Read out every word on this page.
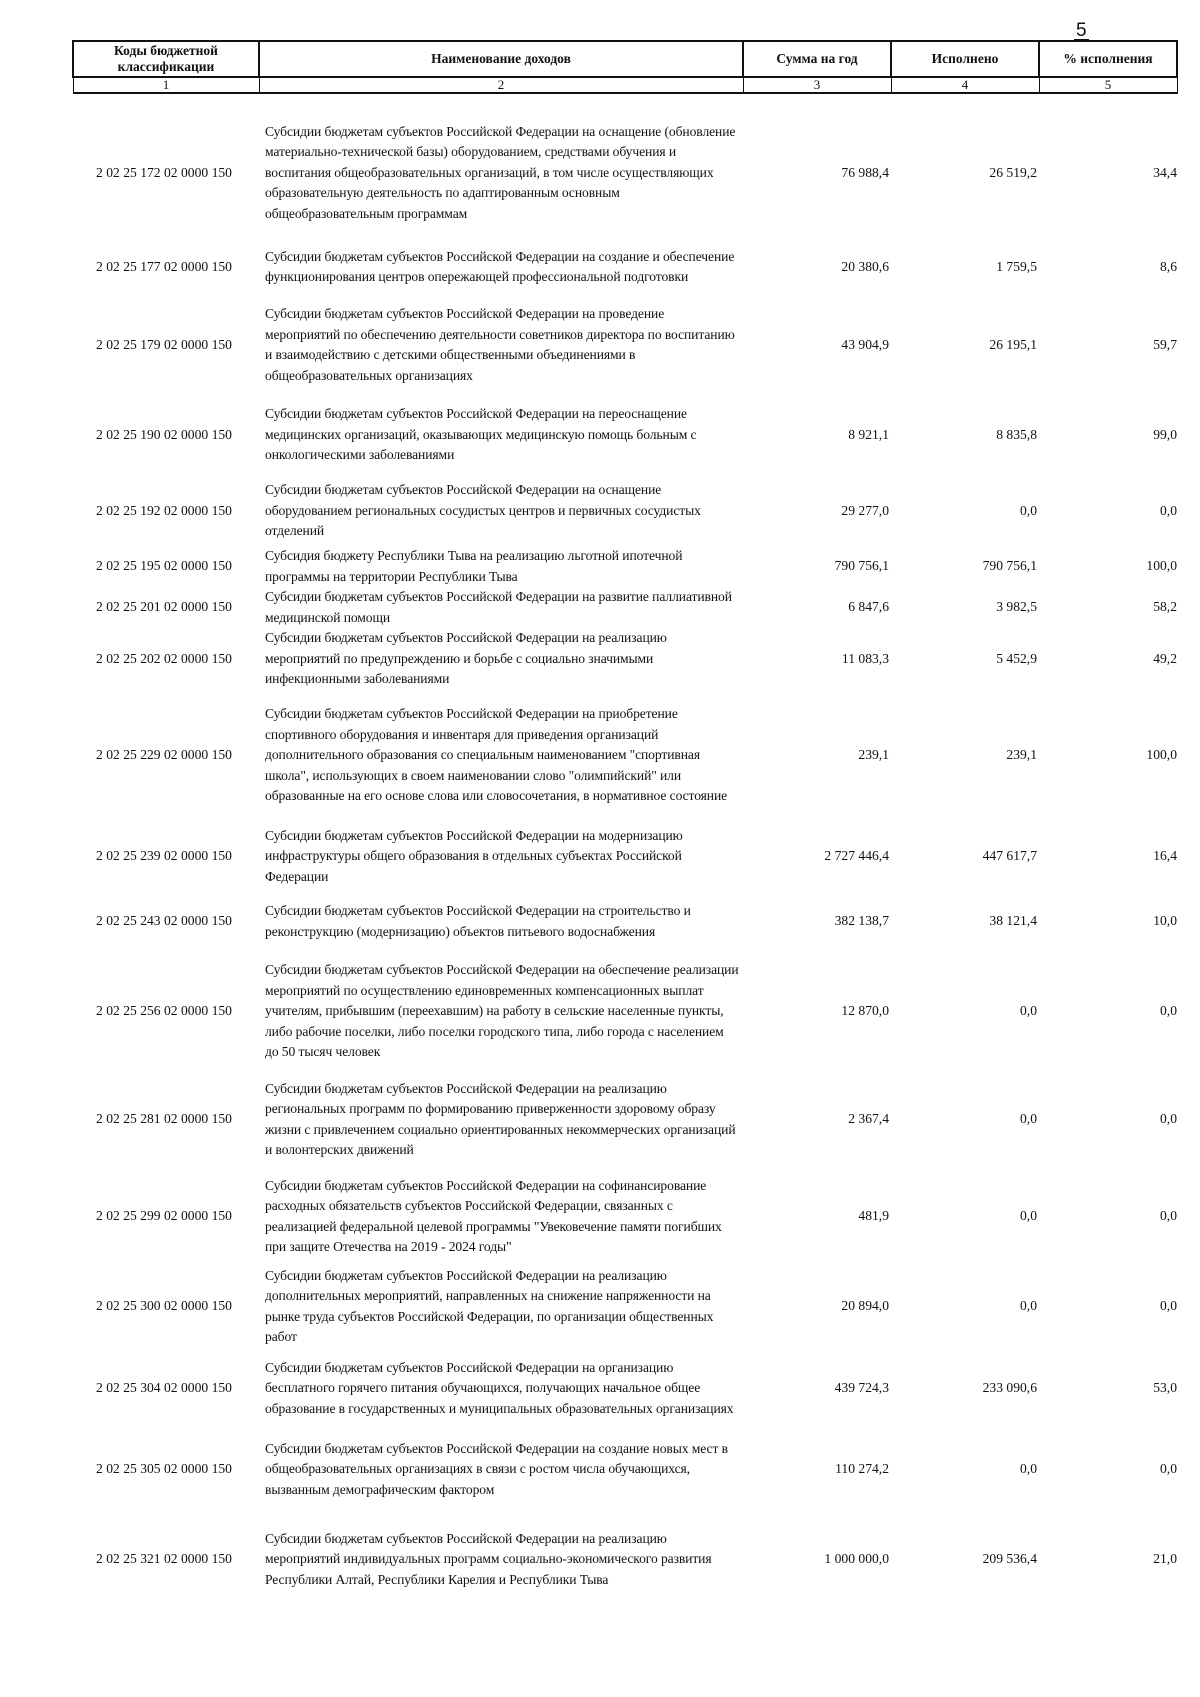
5
Коды бюджетной классификации	Наименование доходов	Сумма на год	Исполнено	% исполнения
1	2	3	4	5

2 02 25 172 02 0000 150	Субсидии бюджетам субъектов Российской Федерации на оснащение (обновление материально-технической базы) оборудованием, средствами обучения и воспитания общеобразовательных организаций, в том числе осуществляющих образовательную деятельность по адаптированным основным общеобразовательным программам	76 988,4	26 519,2	34,4
2 02 25 177 02 0000 150	Субсидии бюджетам субъектов Российской Федерации на создание и обеспечение функционирования центров опережающей профессиональной подготовки	20 380,6	1 759,5	8,6
2 02 25 179 02 0000 150	Субсидии бюджетам субъектов Российской Федерации на проведение мероприятий по обеспечению деятельности советников директора по воспитанию и взаимодействию с детскими общественными объединениями в общеобразовательных организациях	43 904,9	26 195,1	59,7
2 02 25 190 02 0000 150	Субсидии бюджетам субъектов Российской Федерации на переоснащение медицинских организаций, оказывающих медицинскую помощь больным с онкологическими заболеваниями	8 921,1	8 835,8	99,0
2 02 25 192 02 0000 150	Субсидии бюджетам субъектов Российской Федерации на оснащение оборудованием региональных сосудистых центров и первичных сосудистых отделений	29 277,0	0,0	0,0
2 02 25 195 02 0000 150	Субсидия бюджету Республики Тыва на реализацию льготной ипотечной программы на территории Республики Тыва	790 756,1	790 756,1	100,0
2 02 25 201 02 0000 150	Субсидии бюджетам субъектов Российской Федерации на развитие паллиативной медицинской помощи	6 847,6	3 982,5	58,2
2 02 25 202 02 0000 150	Субсидии бюджетам субъектов Российской Федерации на реализацию мероприятий по предупреждению и борьбе с социально значимыми инфекционными заболеваниями	11 083,3	5 452,9	49,2
2 02 25 229 02 0000 150	Субсидии бюджетам субъектов Российской Федерации на приобретение спортивного оборудования и инвентаря для приведения организаций дополнительного образования со специальным наименованием "спортивная школа", использующих в своем наименовании слово "олимпийский" или образованные на его основе слова или словосочетания, в нормативное состояние	239,1	239,1	100,0
2 02 25 239 02 0000 150	Субсидии бюджетам субъектов Российской Федерации на модернизацию инфраструктуры общего образования в отдельных субъектах Российской Федерации	2 727 446,4	447 617,7	16,4
2 02 25 243 02 0000 150	Субсидии бюджетам субъектов Российской Федерации на строительство и реконструкцию (модернизацию) объектов питьевого водоснабжения	382 138,7	38 121,4	10,0
2 02 25 256 02 0000 150	Субсидии бюджетам субъектов Российской Федерации на обеспечение реализации мероприятий по осуществлению единовременных компенсационных выплат учителям, прибывшим (переехавшим) на работу в сельские населенные пункты, либо рабочие поселки, либо поселки городского типа, либо города с населением до 50 тысяч человек	12 870,0	0,0	0,0
2 02 25 281 02 0000 150	Субсидии бюджетам субъектов Российской Федерации на реализацию региональных программ по формированию приверженности здоровому образу жизни с привлечением социально ориентированных некоммерческих организаций и волонтерских движений	2 367,4	0,0	0,0
2 02 25 299 02 0000 150	Субсидии бюджетам субъектов Российской Федерации на софинансирование расходных обязательств субъектов Российской Федерации, связанных с реализацией федеральной целевой программы "Увековечение памяти погибших при защите Отечества на 2019 - 2024 годы"	481,9	0,0	0,0
2 02 25 300 02 0000 150	Субсидии бюджетам субъектов Российской Федерации на реализацию дополнительных мероприятий, направленных на снижение напряженности на рынке труда субъектов Российской Федерации, по организации общественных работ	20 894,0	0,0	0,0
2 02 25 304 02 0000 150	Субсидии бюджетам субъектов Российской Федерации на организацию бесплатного горячего питания обучающихся, получающих начальное общее образование в государственных и муниципальных образовательных организациях	439 724,3	233 090,6	53,0
2 02 25 305 02 0000 150	Субсидии бюджетам субъектов Российской Федерации на создание новых мест в общеобразовательных организациях в связи с ростом числа обучающихся, вызванным демографическим фактором	110 274,2	0,0	0,0
2 02 25 321 02 0000 150	Субсидии бюджетам субъектов Российской Федерации на реализацию мероприятий индивидуальных программ социально-экономического развития Республики Алтай, Республики Карелия и Республики Тыва	1 000 000,0	209 536,4	21,0
